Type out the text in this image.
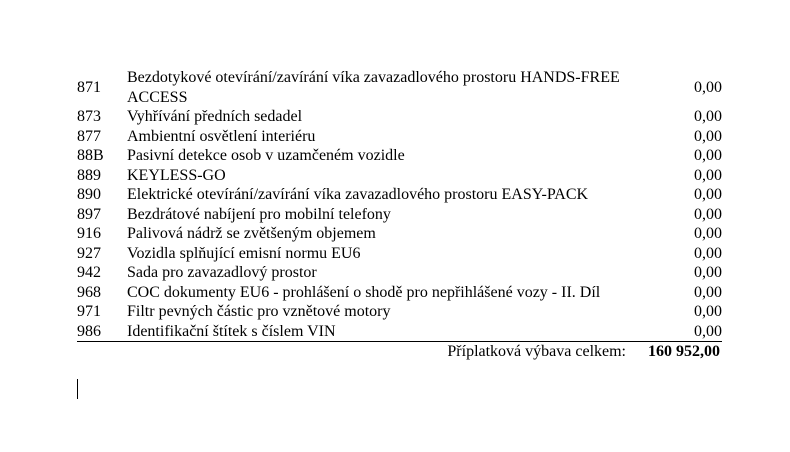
871	Bezdotykové otevírání/zavírání víka zavazadlového prostoru HANDS-FREE ACCESS	0,00
873	Vyhřívání předních sedadel	0,00
877	Ambientní osvětlení interiéru	0,00
88B	Pasivní detekce osob v uzamčeném vozidle	0,00
889	KEYLESS-GO	0,00
890	Elektrické otevírání/zavírání víka zavazadlového prostoru EASY-PACK	0,00
897	Bezdrátové nabíjení pro mobilní telefony	0,00
916	Palivová nádrž se zvětšeným objemem	0,00
927	Vozidla splňující emisní normu EU6	0,00
942	Sada pro zavazadlový prostor	0,00
968	COC dokumenty EU6 - prohlášení o shodě pro nepřihlášené vozy - II. Díl	0,00
971	Filtr pevných částic pro vznětové motory	0,00
986	Identifikační štítek s číslem VIN	0,00
Příplatková výbava celkem: 160 952,00
